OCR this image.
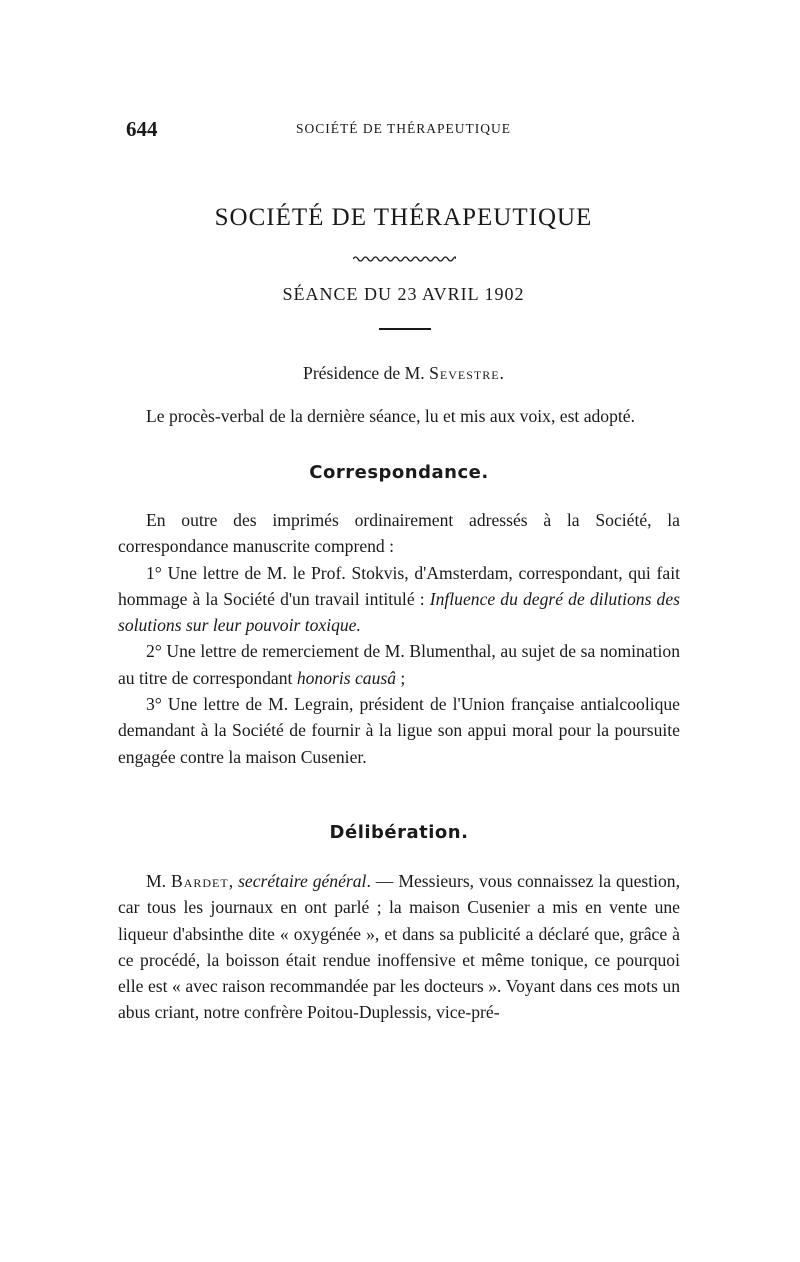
644	SOCIÉTÉ DE THÉRAPEUTIQUE
SOCIÉTÉ DE THÉRAPEUTIQUE
SÉANCE DU 23 AVRIL 1902
Présidence de M. Sevestre.

Le procès-verbal de la dernière séance, lu et mis aux voix, est adopté.

Correspondance.

En outre des imprimés ordinairement adressés à la Société, la correspondance manuscrite comprend :

1° Une lettre de M. le Prof. Stokvis, d'Amsterdam, correspondant, qui fait hommage à la Société d'un travail intitulé : Influence du degré de dilutions des solutions sur leur pouvoir toxique.

2° Une lettre de remerciement de M. Blumenthal, au sujet de sa nomination au titre de correspondant honoris causâ ;

3° Une lettre de M. Legrain, président de l'Union française antialcoolique demandant à la Société de fournir à la ligue son appui moral pour la poursuite engagée contre la maison Cusenier.

Délibération.

M. Bardet, secrétaire général. — Messieurs, vous connaissez la question, car tous les journaux en ont parlé ; la maison Cusenier a mis en vente une liqueur d'absinthe dite « oxygénée », et dans sa publicité a déclaré que, grâce à ce procédé, la boisson était rendue inoffensive et même tonique, ce pourquoi elle est « avec raison recommandée par les docteurs ». Voyant dans ces mots un abus criant, notre confrère Poitou-Duplessis, vice-pré-
